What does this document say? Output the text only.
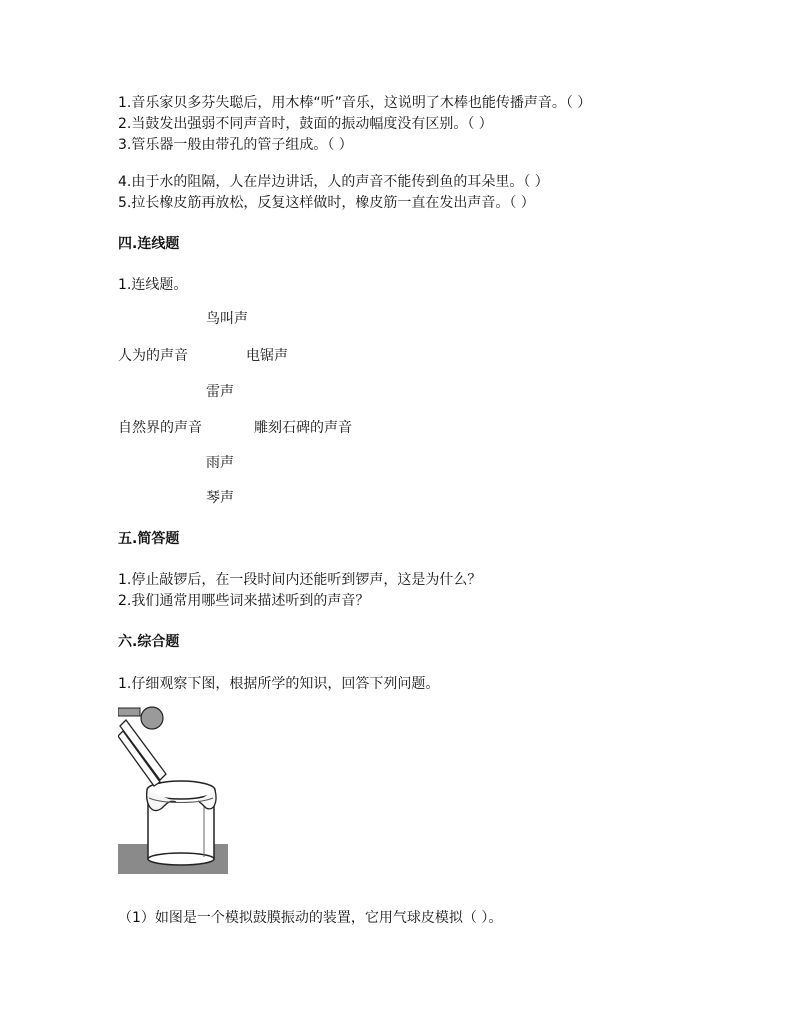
1.音乐家贝多芬失聪后，用木棒“听”音乐，这说明了木棒也能传播声音。（ ）
2.当鼓发出强弱不同声音时，鼓面的振动幅度没有区别。（ ）
3.管乐器一般由带孔的管子组成。（ ）
4.由于水的阻隔，人在岸边讲话，人的声音不能传到鱼的耳朵里。（ ）
5.拉长橡皮筋再放松，反复这样做时，橡皮筋一直在发出声音。（ ）
四.连线题
1.连线题。
鸟叫声
人为的声音	电锯声
雷声
自然界的声音	雕刻石碑的声音
雨声
琴声
五.简答题
1.停止敲锣后，在一段时间内还能听到锣声，这是为什么？
2.我们通常用哪些词来描述听到的声音？
六.综合题
1.仔细观察下图，根据所学的知识，回答下列问题。
（1）如图是一个模拟鼓膜振动的装置，它用气球皮模拟（ ）。
